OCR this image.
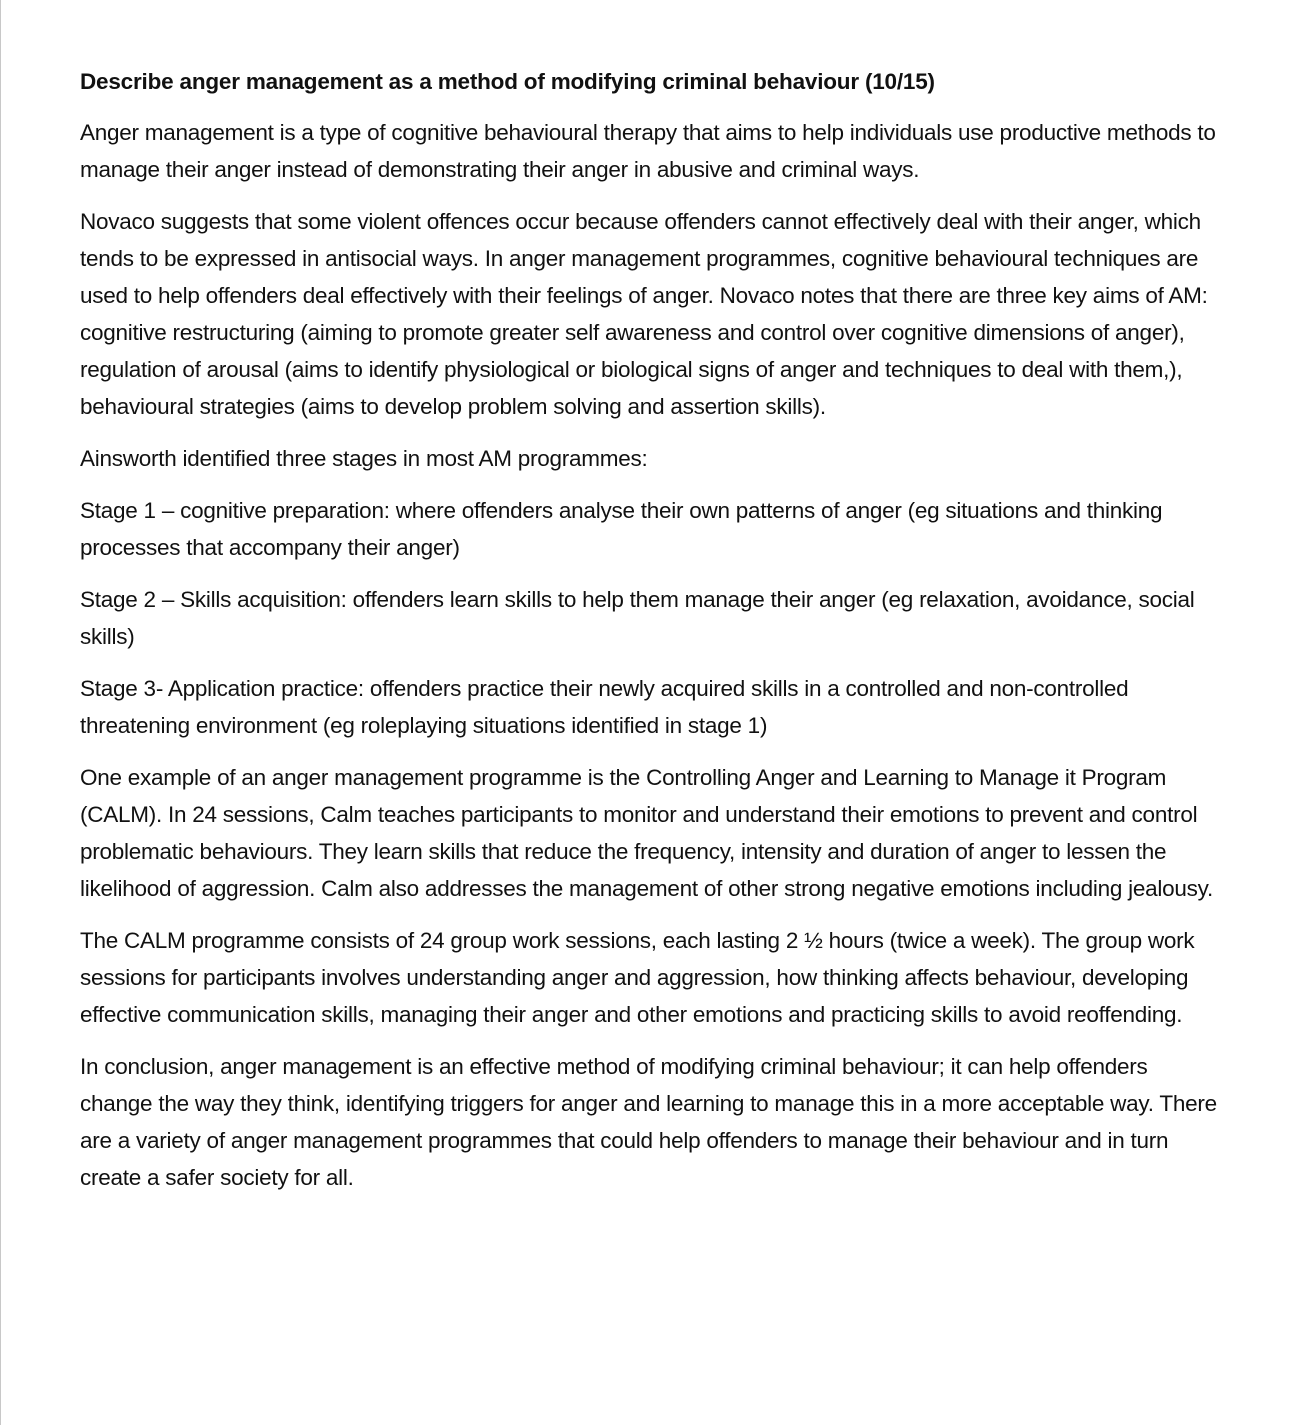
Describe anger management as a method of modifying criminal behaviour (10/15)

Anger management is a type of cognitive behavioural therapy that aims to help individuals use productive methods to manage their anger instead of demonstrating their anger in abusive and criminal ways.

Novaco suggests that some violent offences occur because offenders cannot effectively deal with their anger, which tends to be expressed in antisocial ways. In anger management programmes, cognitive behavioural techniques are used to help offenders deal effectively with their feelings of anger. Novaco notes that there are three key aims of AM: cognitive restructuring (aiming to promote greater self awareness and control over cognitive dimensions of anger), regulation of arousal (aims to identify physiological or biological signs of anger and techniques to deal with them,), behavioural strategies (aims to develop problem solving and assertion skills).

Ainsworth identified three stages in most AM programmes:

Stage 1 – cognitive preparation: where offenders analyse their own patterns of anger (eg situations and thinking processes that accompany their anger)

Stage 2 – Skills acquisition: offenders learn skills to help them manage their anger (eg relaxation, avoidance, social skills)

Stage 3- Application practice: offenders practice their newly acquired skills in a controlled and non-controlled threatening environment (eg roleplaying situations identified in stage 1)

One example of an anger management programme is the Controlling Anger and Learning to Manage it Program (CALM). In 24 sessions, Calm teaches participants to monitor and understand their emotions to prevent and control problematic behaviours. They learn skills that reduce the frequency, intensity and duration of anger to lessen the likelihood of aggression. Calm also addresses the management of other strong negative emotions including jealousy.

The CALM programme consists of 24 group work sessions, each lasting 2 ½ hours (twice a week). The group work sessions for participants involves understanding anger and aggression, how thinking affects behaviour, developing effective communication skills, managing their anger and other emotions and practicing skills to avoid reoffending.

In conclusion, anger management is an effective method of modifying criminal behaviour; it can help offenders change the way they think, identifying triggers for anger and learning to manage this in a more acceptable way. There are a variety of anger management programmes that could help offenders to manage their behaviour and in turn create a safer society for all.
